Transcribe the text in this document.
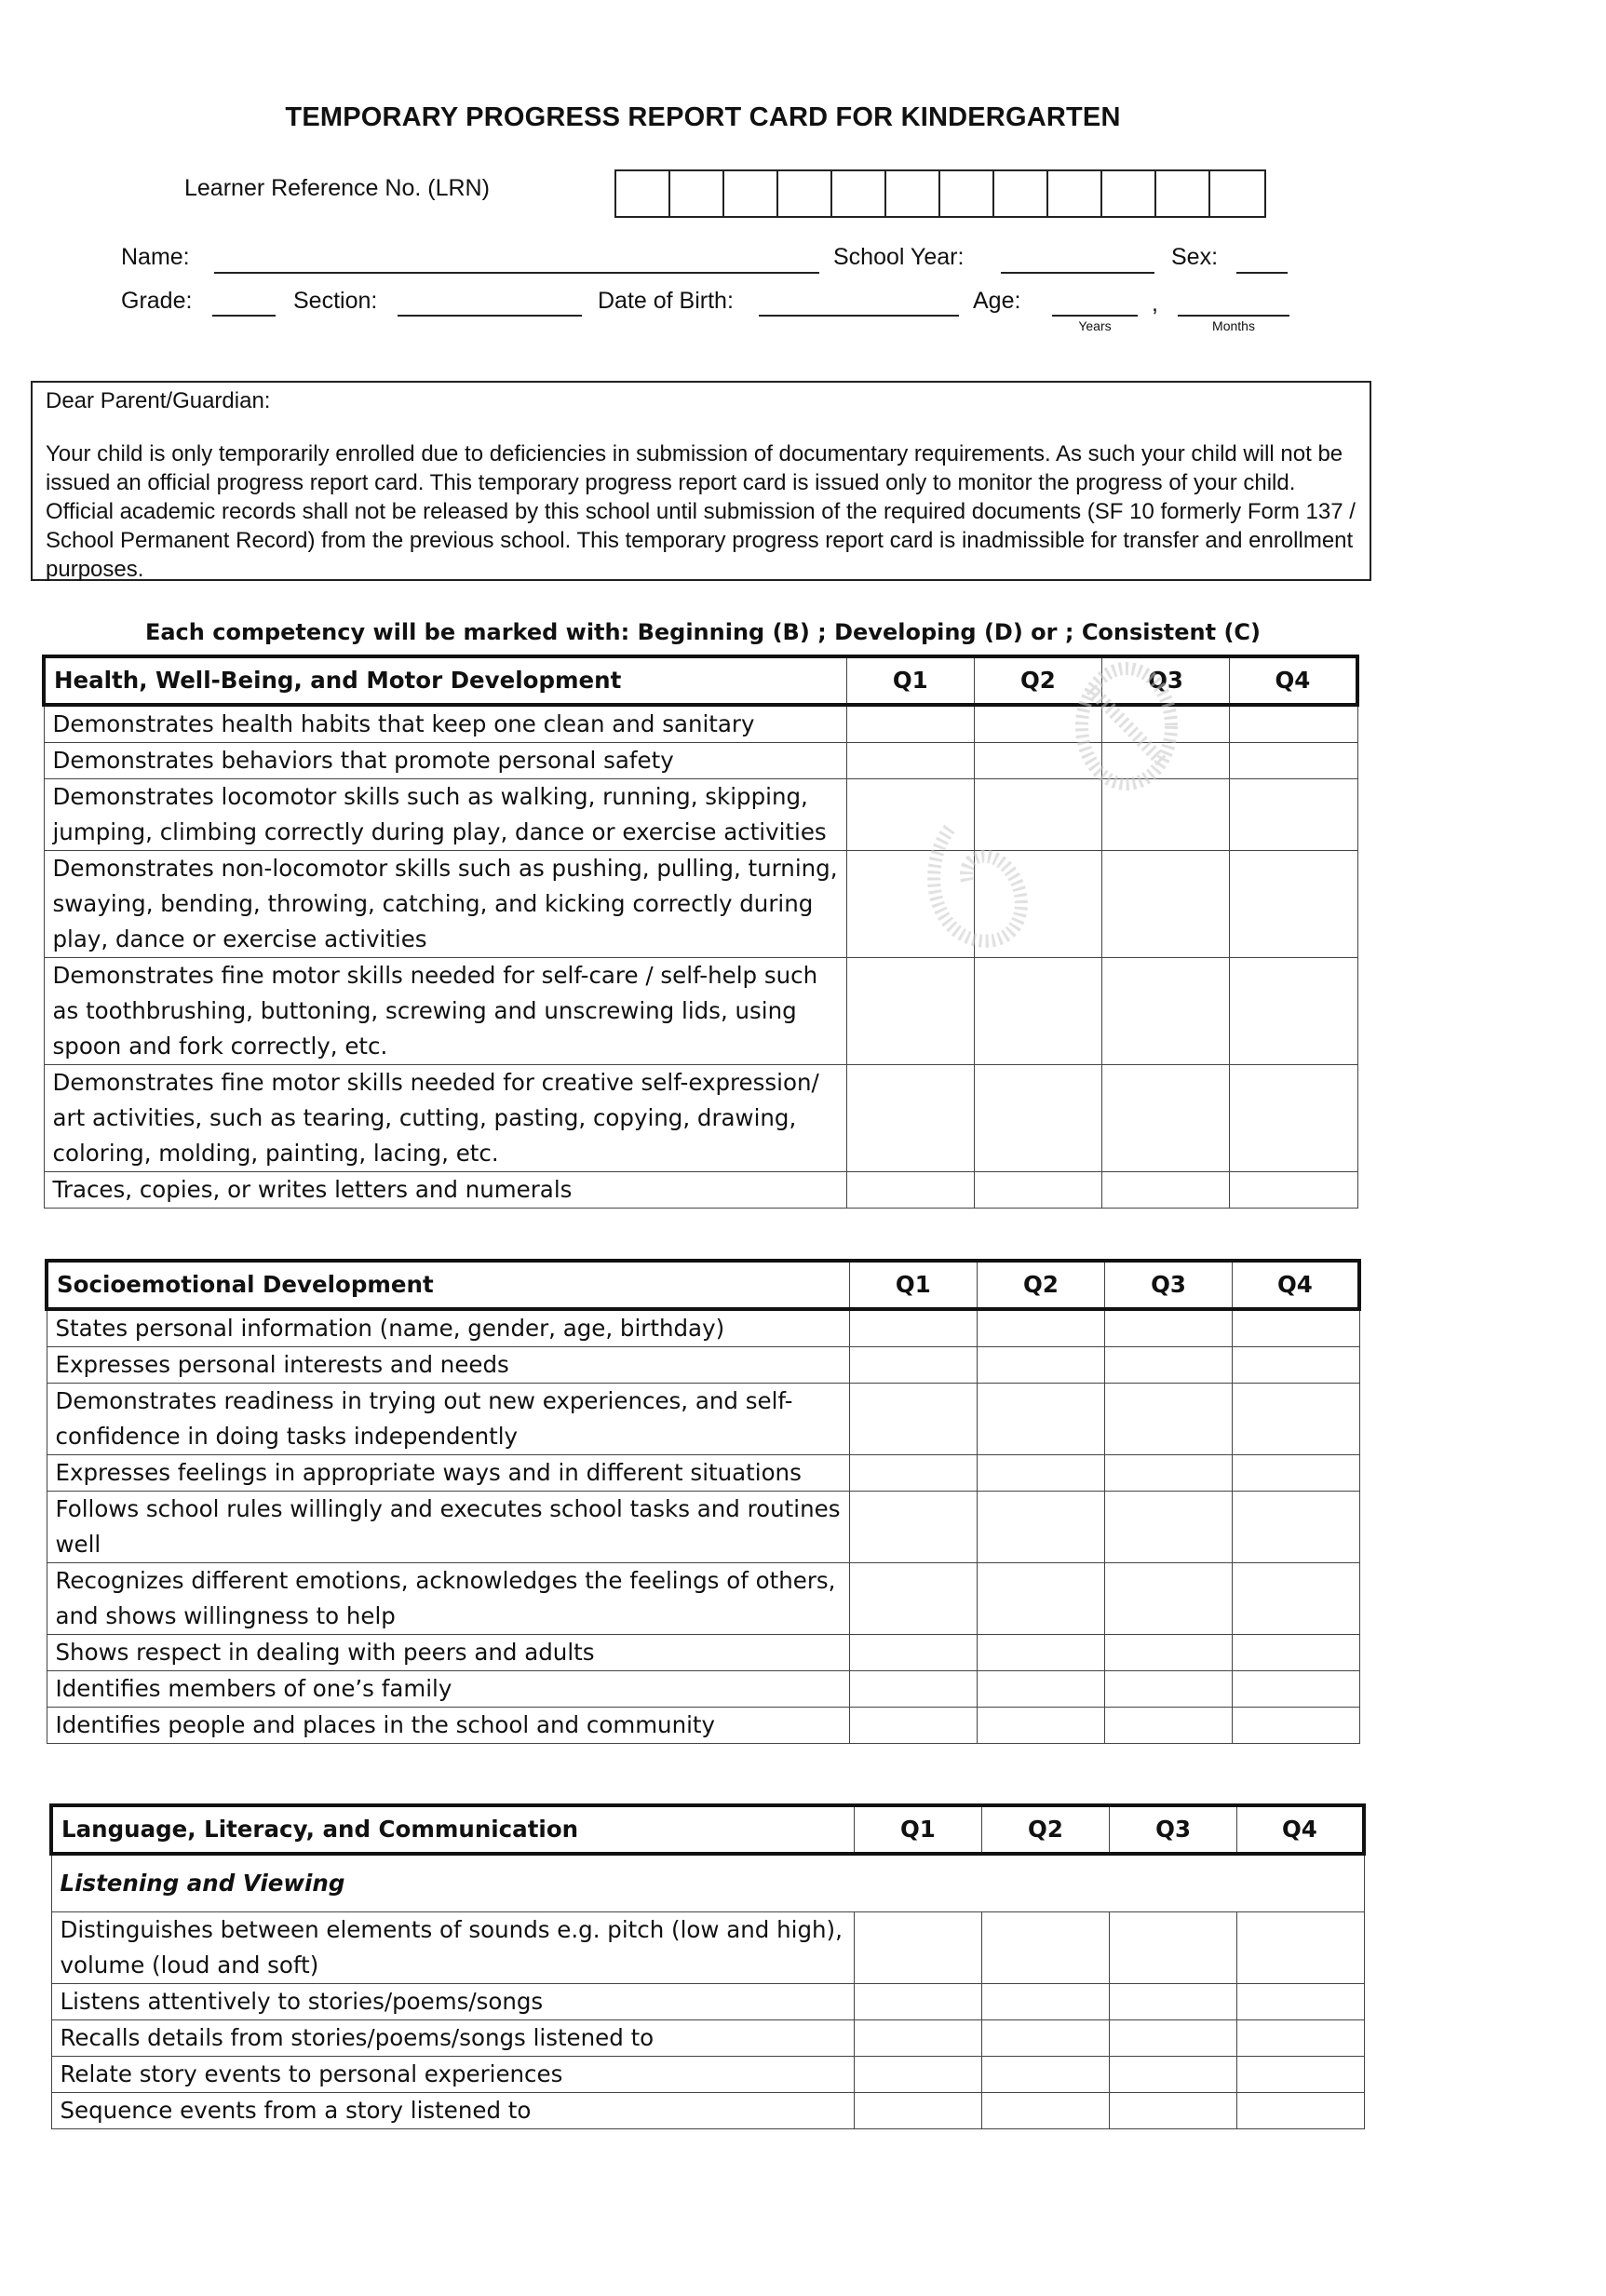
TEMPORARY PROGRESS REPORT CARD FOR KINDERGARTEN
Learner Reference No. (LRN)
Name:	School Year:	Sex:
Grade:	Section:	Date of Birth:	Age:	,
Years	Months
Dear Parent/Guardian:
Your child is only temporarily enrolled due to deficiencies in submission of documentary requirements. As such your child will not be issued an official progress report card. This temporary progress report card is issued only to monitor the progress of your child. Official academic records shall not be released by this school until submission of the required documents (SF 10 formerly Form 137 / School Permanent Record) from the previous school. This temporary progress report card is inadmissible for transfer and enrollment purposes.
Each competency will be marked with: Beginning (B) ; Developing (D) or ; Consistent (C)
Health, Well-Being, and Motor Development	Q1	Q2	Q3	Q4
Demonstrates health habits that keep one clean and sanitary				
Demonstrates behaviors that promote personal safety				
Demonstrates locomotor skills such as walking, running, skipping, jumping, climbing correctly during play, dance or exercise activities				
Demonstrates non-locomotor skills such as pushing, pulling, turning, swaying, bending, throwing, catching, and kicking correctly during play, dance or exercise activities				
Demonstrates fine motor skills needed for self-care / self-help such as toothbrushing, buttoning, screwing and unscrewing lids, using spoon and fork correctly, etc.				
Demonstrates fine motor skills needed for creative self-expression/ art activities, such as tearing, cutting, pasting, copying, drawing, coloring, molding, painting, lacing, etc.				
Traces, copies, or writes letters and numerals				
Socioemotional Development	Q1	Q2	Q3	Q4
States personal information (name, gender, age, birthday)				
Expresses personal interests and needs				
Demonstrates readiness in trying out new experiences, and self-confidence in doing tasks independently				
Expresses feelings in appropriate ways and in different situations				
Follows school rules willingly and executes school tasks and routines well				
Recognizes different emotions, acknowledges the feelings of others, and shows willingness to help				
Shows respect in dealing with peers and adults				
Identifies members of one’s family				
Identifies people and places in the school and community				
Language, Literacy, and Communication	Q1	Q2	Q3	Q4
Listening and Viewing				
Distinguishes between elements of sounds e.g. pitch (low and high), volume (loud and soft)				
Listens attentively to stories/poems/songs				
Recalls details from stories/poems/songs listened to				
Relate story events to personal experiences				
Sequence events from a story listened to				
